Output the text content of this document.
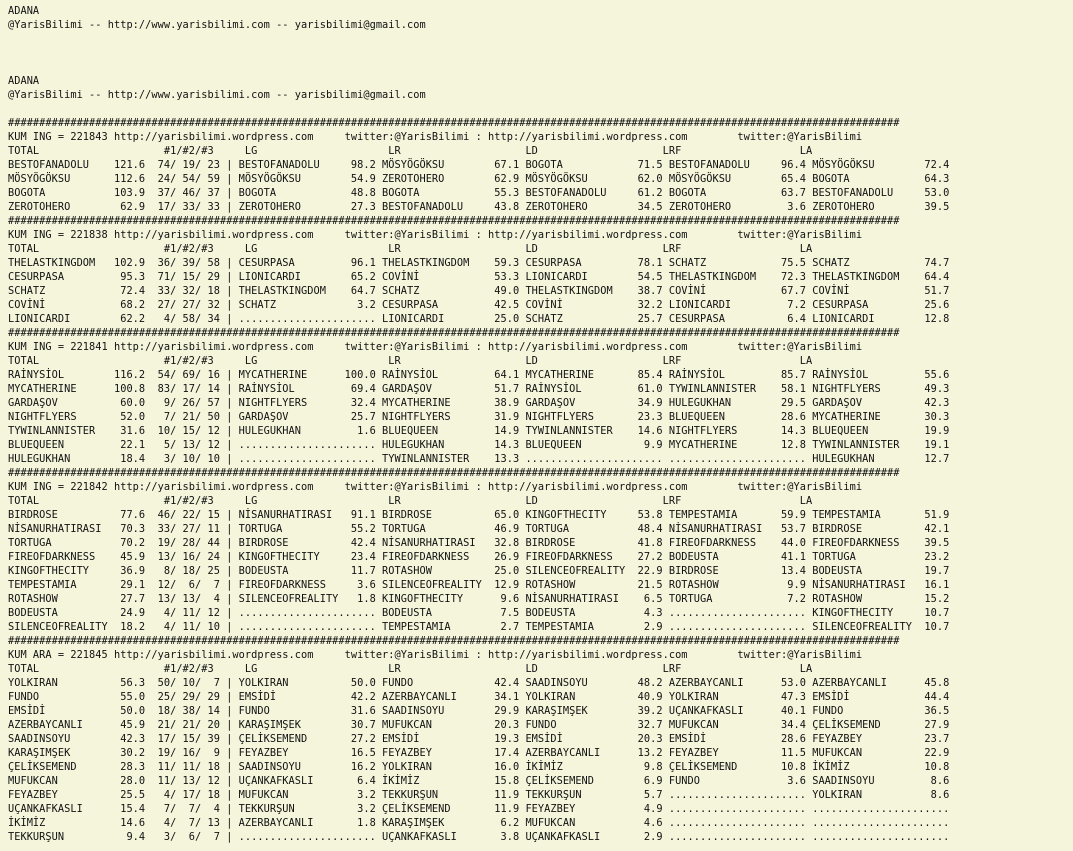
ADANA
@YarisBilimi -- http://www.yarisbilimi.com -- yarisbilimi@gmail.com
ADANA
@YarisBilimi -- http://www.yarisbilimi.com -- yarisbilimi@gmail.com
###############################################################################################################################################
KUM ING = 221843 http://yarisbilimi.wordpress.com     twitter:@YarisBilimi : http://yarisbilimi.wordpress.com        twitter:@YarisBilimi
TOTAL                    #1/#2/#3     LG                     LR                    LD                    LRF                   LA
BESTOFANADOLU    121.6  74/ 19/ 23 | BESTOFANADOLU     98.2 MÖSYÖGÖKSU        67.1 BOGOTA            71.5 BESTOFANADOLU     96.4 MÖSYÖGÖKSU        72.4
MÖSYÖGÖKSU       112.6  24/ 54/ 59 | MÖSYÖGÖKSU        54.9 ZEROTOHERO        62.9 MÖSYÖGÖKSU        62.0 MÖSYÖGÖKSU        65.4 BOGOTA            64.3
BOGOTA           103.9  37/ 46/ 37 | BOGOTA            48.8 BOGOTA            55.3 BESTOFANADOLU     61.2 BOGOTA            63.7 BESTOFANADOLU     53.0
ZEROTOHERO        62.9  17/ 33/ 33 | ZEROTOHERO        27.3 BESTOFANADOLU     43.8 ZEROTOHERO        34.5 ZEROTOHERO         3.6 ZEROTOHERO        39.5
###############################################################################################################################################
KUM ING = 221838 http://yarisbilimi.wordpress.com     twitter:@YarisBilimi : http://yarisbilimi.wordpress.com        twitter:@YarisBilimi
TOTAL                    #1/#2/#3     LG                     LR                    LD                    LRF                   LA
THELASTKINGDOM   102.9  36/ 39/ 58 | CESURPASA         96.1 THELASTKINGDOM    59.3 CESURPASA         78.1 SCHATZ            75.5 SCHATZ            74.7
CESURPASA         95.3  71/ 15/ 29 | LIONICARDI        65.2 COVİNİ            53.3 LIONICARDI        54.5 THELASTKINGDOM    72.3 THELASTKINGDOM    64.4
SCHATZ            72.4  33/ 32/ 18 | THELASTKINGDOM    64.7 SCHATZ            49.0 THELASTKINGDOM    38.7 COVİNİ            67.7 COVİNİ            51.7
COVİNİ            68.2  27/ 27/ 32 | SCHATZ             3.2 CESURPASA         42.5 COVİNİ            32.2 LIONICARDI         7.2 CESURPASA         25.6
LIONICARDI        62.2   4/ 58/ 34 | ...................... LIONICARDI        25.0 SCHATZ            25.7 CESURPASA          6.4 LIONICARDI        12.8
###############################################################################################################################################
KUM ING = 221841 http://yarisbilimi.wordpress.com     twitter:@YarisBilimi : http://yarisbilimi.wordpress.com        twitter:@YarisBilimi
TOTAL                    #1/#2/#3     LG                     LR                    LD                    LRF                   LA
RAİNYSİOL        116.2  54/ 69/ 16 | MYCATHERINE      100.0 RAİNYSİOL         64.1 MYCATHERINE       85.4 RAİNYSİOL         85.7 RAİNYSİOL         55.6
MYCATHERINE      100.8  83/ 17/ 14 | RAİNYSİOL         69.4 GARDAŞOV          51.7 RAİNYSİOL         61.0 TYWINLANNISTER    58.1 NIGHTFLYERS       49.3
GARDAŞOV          60.0   9/ 26/ 57 | NIGHTFLYERS       32.4 MYCATHERINE       38.9 GARDAŞOV          34.9 HULEGUKHAN        29.5 GARDAŞOV          42.3
NIGHTFLYERS       52.0   7/ 21/ 50 | GARDAŞOV          25.7 NIGHTFLYERS       31.9 NIGHTFLYERS       23.3 BLUEQUEEN         28.6 MYCATHERINE       30.3
TYWINLANNISTER    31.6  10/ 15/ 12 | HULEGUKHAN         1.6 BLUEQUEEN         14.9 TYWINLANNISTER    14.6 NIGHTFLYERS       14.3 BLUEQUEEN         19.9
BLUEQUEEN         22.1   5/ 13/ 12 | ...................... HULEGUKHAN        14.3 BLUEQUEEN          9.9 MYCATHERINE       12.8 TYWINLANNISTER    19.1
HULEGUKHAN        18.4   3/ 10/ 10 | ...................... TYWINLANNISTER    13.3 ...................... ...................... HULEGUKHAN        12.7
###############################################################################################################################################
KUM ING = 221842 http://yarisbilimi.wordpress.com     twitter:@YarisBilimi : http://yarisbilimi.wordpress.com        twitter:@YarisBilimi
TOTAL                    #1/#2/#3     LG                     LR                    LD                    LRF                   LA
BIRDROSE          77.6  46/ 22/ 15 | NİSANURHATIRASI   91.1 BIRDROSE          65.0 KINGOFTHECITY     53.8 TEMPESTAMIA       59.9 TEMPESTAMIA       51.9
NİSANURHATIRASI   70.3  33/ 27/ 11 | TORTUGA           55.2 TORTUGA           46.9 TORTUGA           48.4 NİSANURHATIRASI   53.7 BIRDROSE          42.1
TORTUGA           70.2  19/ 28/ 44 | BIRDROSE          42.4 NİSANURHATIRASI   32.8 BIRDROSE          41.8 FIREOFDARKNESS    44.0 FIREOFDARKNESS    39.5
FIREOFDARKNESS    45.9  13/ 16/ 24 | KINGOFTHECITY     23.4 FIREOFDARKNESS    26.9 FIREOFDARKNESS    27.2 BODEUSTA          41.1 TORTUGA           23.2
KINGOFTHECITY     36.9   8/ 18/ 25 | BODEUSTA          11.7 ROTASHOW          25.0 SILENCEOFREALITY  22.9 BIRDROSE          13.4 BODEUSTA          19.7
TEMPESTAMIA       29.1  12/  6/  7 | FIREOFDARKNESS     3.6 SILENCEOFREALITY  12.9 ROTASHOW          21.5 ROTASHOW           9.9 NİSANURHATIRASI   16.1
ROTASHOW          27.7  13/ 13/  4 | SILENCEOFREALITY   1.8 KINGOFTHECITY      9.6 NİSANURHATIRASI    6.5 TORTUGA            7.2 ROTASHOW          15.2
BODEUSTA          24.9   4/ 11/ 12 | ...................... BODEUSTA           7.5 BODEUSTA           4.3 ...................... KINGOFTHECITY     10.7
SILENCEOFREALITY  18.2   4/ 11/ 10 | ...................... TEMPESTAMIA        2.7 TEMPESTAMIA        2.9 ...................... SILENCEOFREALITY  10.7
###############################################################################################################################################
KUM ARA = 221845 http://yarisbilimi.wordpress.com     twitter:@YarisBilimi : http://yarisbilimi.wordpress.com        twitter:@YarisBilimi
TOTAL                    #1/#2/#3     LG                     LR                    LD                    LRF                   LA
YOLKIRAN          56.3  50/ 10/  7 | YOLKIRAN          50.0 FUNDO             42.4 SAADINSOYU        48.2 AZERBAYCANLI      53.0 AZERBAYCANLI      45.8
FUNDO             55.0  25/ 29/ 29 | EMSİDİ            42.2 AZERBAYCANLI      34.1 YOLKIRAN          40.9 YOLKIRAN          47.3 EMSİDİ            44.4
EMSİDİ            50.0  18/ 38/ 14 | FUNDO             31.6 SAADINSOYU        29.9 KARAŞIMŞEK        39.2 UÇANKAFKASLI      40.1 FUNDO             36.5
AZERBAYCANLI      45.9  21/ 21/ 20 | KARAŞIMŞEK        30.7 MUFUKCAN          20.3 FUNDO             32.7 MUFUKCAN          34.4 ÇELİKSEMEND       27.9
SAADINSOYU        42.3  17/ 15/ 39 | ÇELİKSEMEND       27.2 EMSİDİ            19.3 EMSİDİ            20.3 EMSİDİ            28.6 FEYAZBEY          23.7
KARAŞIMŞEK        30.2  19/ 16/  9 | FEYAZBEY          16.5 FEYAZBEY          17.4 AZERBAYCANLI      13.2 FEYAZBEY          11.5 MUFUKCAN          22.9
ÇELİKSEMEND       28.3  11/ 11/ 18 | SAADINSOYU        16.2 YOLKIRAN          16.0 İKİMİZ             9.8 ÇELİKSEMEND       10.8 İKİMİZ            10.8
MUFUKCAN          28.0  11/ 13/ 12 | UÇANKAFKASLI       6.4 İKİMİZ            15.8 ÇELİKSEMEND        6.9 FUNDO              3.6 SAADINSOYU         8.6
FEYAZBEY          25.5   4/ 17/ 18 | MUFUKCAN           3.2 TEKKURŞUN         11.9 TEKKURŞUN          5.7 ...................... YOLKIRAN           8.6
UÇANKAFKASLI      15.4   7/  7/  4 | TEKKURŞUN          3.2 ÇELİKSEMEND       11.9 FEYAZBEY           4.9 ...................... ......................
İKİMİZ            14.6   4/  7/ 13 | AZERBAYCANLI       1.8 KARAŞIMŞEK         6.2 MUFUKCAN           4.6 ...................... ......................
TEKKURŞUN          9.4   3/  6/  7 | ...................... UÇANKAFKASLI       3.8 UÇANKAFKASLI       2.9 ...................... ......................
